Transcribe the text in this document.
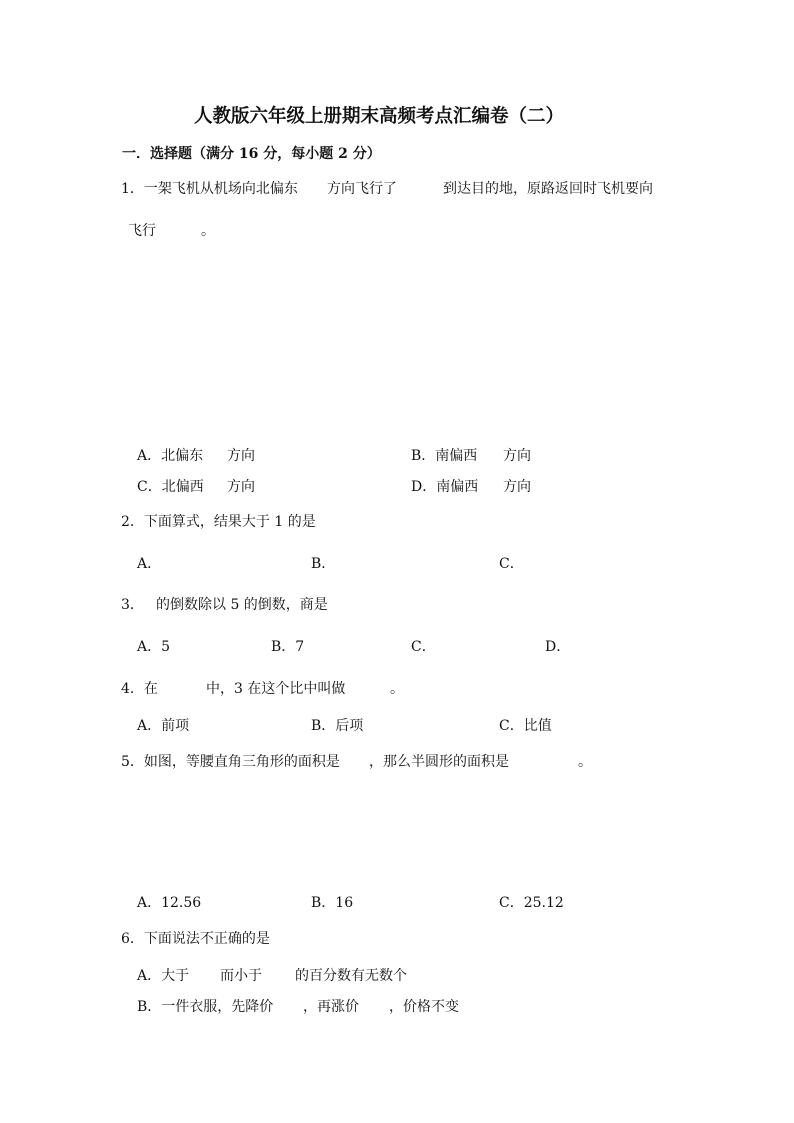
人教版六年级上册期末高频考点汇编卷（二）
一．选择题（满分 16 分，每小题 2 分）
1．一架飞机从机场向北偏东 方向飞行了	到达目的地，原路返回时飞机要向
飞行	。
A．北偏东 方向	B．南偏西 方向
C．北偏西 方向	D．南偏西 方向
2．下面算式，结果大于 1 的是
A．	B．	C．
3． 的倒数除以 5 的倒数，商是
A．5	B．7	C．	D．
4．在	中，3 在这个比中叫做	。
A．前项	B．后项	C．比值
5．如图，等腰直角三角形的面积是 ，那么半圆形的面积是	。
A．12.56	B．16	C．25.12
6．下面说法不正确的是
A．大于 而小于 的百分数有无数个
B．一件衣服，先降价 ，再涨价 ，价格不变
